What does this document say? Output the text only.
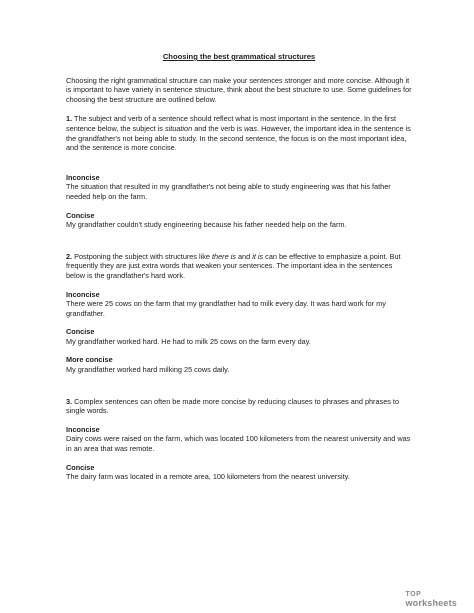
Choosing the best grammatical structures

Choosing the right grammatical structure can make your sentences stronger and more concise. Although it is important to have variety in sentence structure, think about the best structure to use. Some guidelines for choosing the best structure are outlined below.

1. The subject and verb of a sentence should reflect what is most important in the sentence. In the first sentence below, the subject is situation and the verb is was. However, the important idea in the sentence is the grandfather's not being able to study. In the second sentence, the focus is on the most important idea, and the sentence is more concise.

Inconcise

The situation that resulted in my grandfather's not being able to study engineering was that his father needed help on the farm.

Concise

My grandfather couldn't study engineering because his father needed help on the farm.

2. Postponing the subject with structures like there is and it is can be effective to emphasize a point. But frequently they are just extra words that weaken your sentences. The important idea in the sentences below is the grandfather's hard work.

Inconcise

There were 25 cows on the farm that my grandfather had to milk every day. It was hard work for my grandfather.

Concise

My grandfather worked hard. He had to milk 25 cows on the farm every day.

More concise

My grandfather worked hard milking 25 cows daily.

3. Complex sentences can often be made more concise by reducing clauses to phrases and phrases to single words.

Inconcise

Dairy cows were raised on the farm, which was located 100 kilometers from the nearest university and was in an area that was remote.

Concise

The dairy farm was located in a remote area, 100 kilometers from the nearest university.

TOP
worksheets
